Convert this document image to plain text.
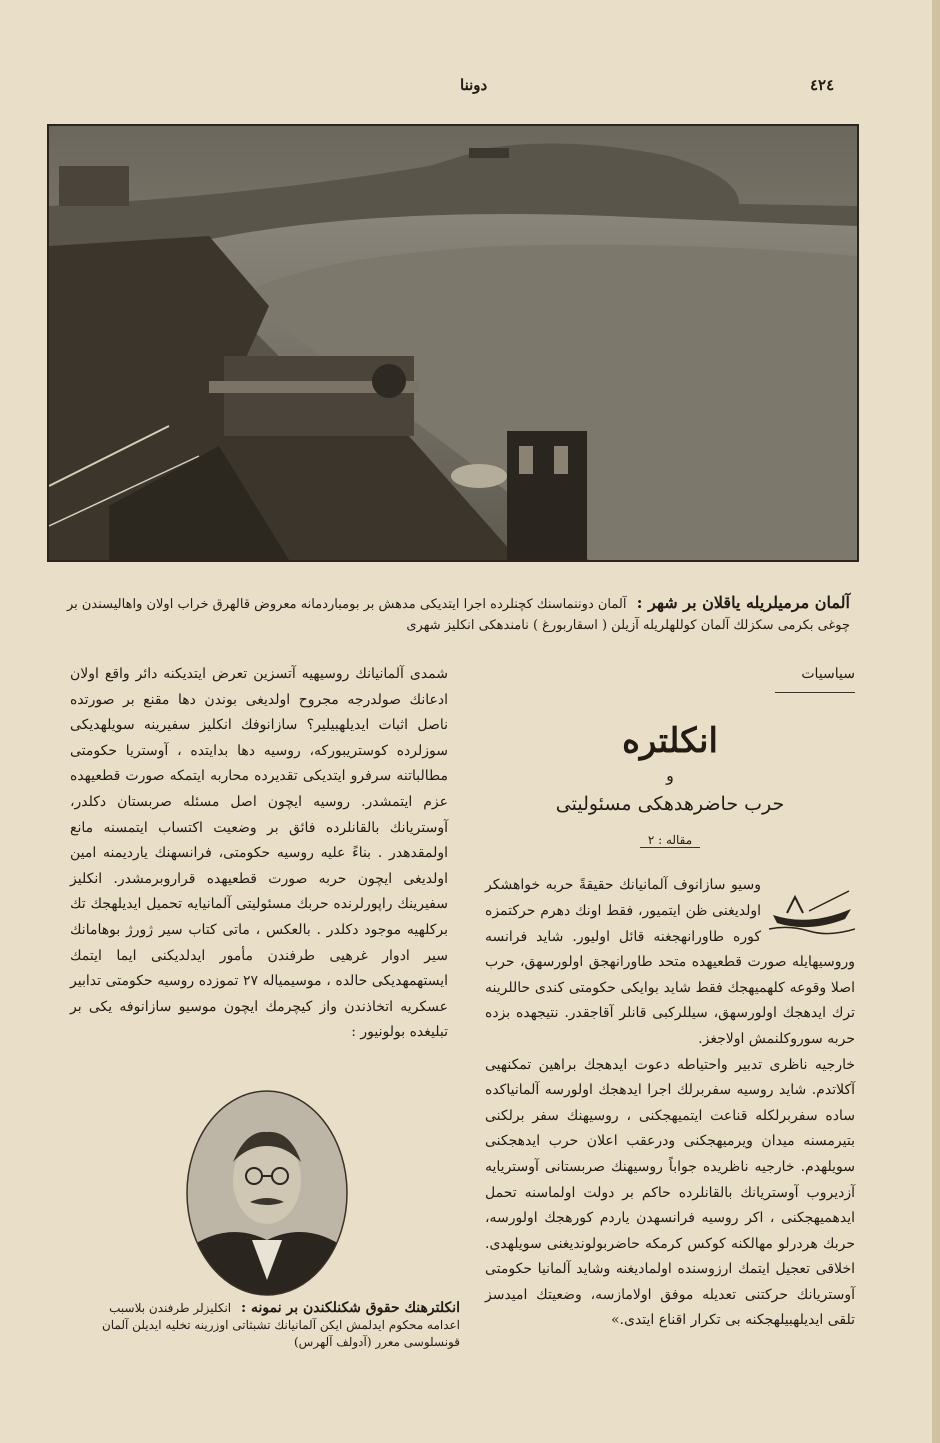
٤٢٤
دوننا
آلمان مرمیلریله یاقلان بر شهر : آلمان دوننماسنك كچنلرده اجرا ایتدیكی مدهش بر بومباردمانه معروض قالهرق خراب اولان واهالیسندن بر چوغی بكرمی سكزلك آلمان كوللهلریله آزیلن ( اسقاربورغ ) نامندهكی انكلیز شهری
سیاسیات
انكلتره
و
حرب حاضرهدهكی مسئولیتی
مقاله : ٢

وسیو سازانوف آلمانیانك حقیقةً حربه خواهشكر اولدیغنی ظن ایتمیور، فقط اونك دهرم حركتمزه كوره طاورانهجغنه قائل اولیور. شاید فرانسه وروسیهایله صورت قطعیهده متحد طاورانهجق اولورسهق، حرب اصلا وقوعه كلهمیهجك فقط شاید بوایكی حكومتی كندی حاللرینه ترك ایدهجك اولورسهق، سیللركبی قانلر آقاجقدر. نتیجهده بزده حربه سوروكلنمش اولاجغز.

خارجیه ناظری تدبیر واحتیاطه دعوت ایدهجك براهین تمكنهیی آكلاتدم. شاید روسیه سفربرلك اجرا ایدهجك اولورسه آلمانیاكده ساده سفربرلكله قناعت ایتمیهجكنی ، روسیهنك سفر برلكنی بتیرمسنه میدان ویرمیهجكنی ودرعقب اعلان حرب ایدهجكنی سویلهدم. خارجیه ناظریده جواباً روسیهنك صربستانی آوستریایه آزدیروب آوستریانك بالقانلرده حاكم بر دولت اولماسنه تحمل ایدهمیهجكنی ، اكر روسیه فرانسهدن یاردم كورهجك اولورسه، حربك هردرلو مهالكنه كوكس كرمكه حاضربولوندیغنی سویلهدی. اخلاقی تعجیل ایتمك ارزوسنده اولمادیغنه وشاید آلمانیا حكومتی آوستریانك حركتنی تعدیله موفق اولامازسه، وضعیتك امیدسز تلقی ایدیلهبیلهجكنه بی تكرار اقناع ایتدی.»

شمدی آلمانیانك روسیهیه آتسزین تعرض ایتدیكنه دائر واقع اولان ادعانك صولدرجه مجروح اولدیغی بوندن دها مقنع بر صورتده ناصل اثبات ایدیلهبیلیر؟ سازانوفك انكلیز سفیرینه سویلهدیكی سوزلرده كوستریبوركه، روسیه دها بدایتده ، آوستریا حكومتی مطالباتنه سرفرو ایتدیكی تقدیرده محاربه ایتمكه صورت قطعیهده عزم ایتمشدر. روسیه ایچون اصل مسئله صربستان دكلدر، آوستریانك بالقانلرده فائق بر وضعیت اكتساب ایتمسنه مانع اولمقدهدر . بناءً علیه روسیه حكومتی، فرانسهنك یاردیمنه امین اولدیغی ایچون حربه صورت قطعیهده قراروبرمشدر. انكلیز سفیرینك راپورلرنده حربك مسئولیتی آلمانیایه تحمیل ایدیلهجك تك بركلهیه موجود دكلدر . بالعكس ، ماتی كتاب سیر ژورژ بوهامانك سیر ادوار غرهیی طرفندن مأمور ایدلدیكنی ایما ایتمك ایستهمهدیكی حالده ، موسیمیاله ٢٧ تموزده روسیه حكومتی تدابیر عسكریه اتخاذندن واز كیچرمك ایچون موسیو سازانوفه یكی بر تبلیغده بولونیور :

انكلترهنك حقوق شكنلكندن بر نمونه : انكلیزلر طرفندن بلاسبب اعدامه محكوم ایدلمش ایكن آلمانیانك تشبثاتی اوزرینه تخلیه ایدیلن آلمان قونسلوسی معرر (آدولف آلهرس)
